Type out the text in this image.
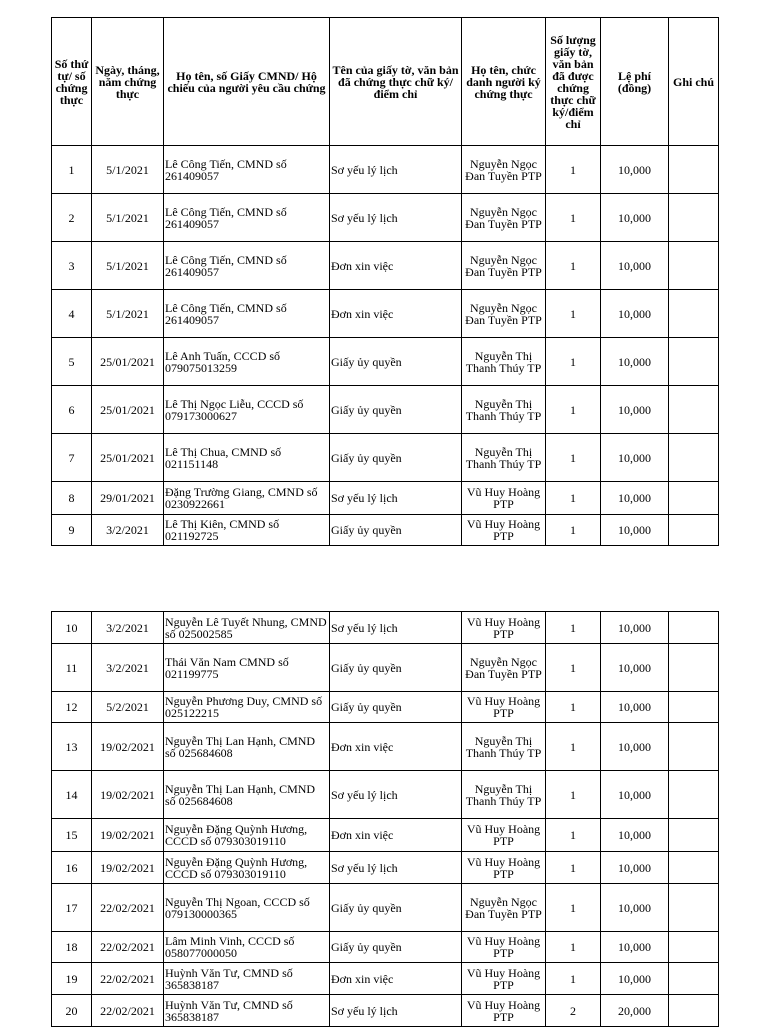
Số thứ tự/ số chứng thực	Ngày, tháng, năm chứng thực	Họ tên, số Giấy CMND/ Hộ chiếu của người yêu cầu chứng	Tên của giấy tờ, văn bản đã chứng thực chữ ký/điểm chỉ	Họ tên, chức danh người ký chứng thực	Số lượng giấy tờ, văn bản đã được chứng thực chữ ký/điểm chỉ	Lệ phí (đồng)	Ghi chú
1	5/1/2021	Lê Công Tiến, CMND số 261409057	Sơ yếu lý lịch	Nguyễn Ngọc Đan Tuyền PTP	1	10,000	
2	5/1/2021	Lê Công Tiến, CMND số 261409057	Sơ yếu lý lịch	Nguyễn Ngọc Đan Tuyền PTP	1	10,000	
3	5/1/2021	Lê Công Tiến, CMND số 261409057	Đơn xin việc	Nguyễn Ngọc Đan Tuyền PTP	1	10,000	
4	5/1/2021	Lê Công Tiến, CMND số 261409057	Đơn xin việc	Nguyễn Ngọc Đan Tuyền PTP	1	10,000	
5	25/01/2021	Lê Anh Tuấn, CCCD số 079075013259	Giấy ủy quyền	Nguyễn Thị Thanh Thúy TP	1	10,000	
6	25/01/2021	Lê Thị Ngọc Liễu, CCCD số 079173000627	Giấy ủy quyền	Nguyễn Thị Thanh Thúy TP	1	10,000	
7	25/01/2021	Lê Thị Chua, CMND số 021151148	Giấy ủy quyền	Nguyễn Thị Thanh Thúy TP	1	10,000	
8	29/01/2021	Đặng Trường Giang, CMND số 0230922661	Sơ yếu lý lịch	Vũ Huy Hoàng PTP	1	10,000	
9	3/2/2021	Lê Thị Kiên, CMND số 021192725	Giấy ủy quyền	Vũ Huy Hoàng PTP	1	10,000	
10	3/2/2021	Nguyễn Lê Tuyết Nhung, CMND số 025002585	Sơ yếu lý lịch	Vũ Huy Hoàng PTP	1	10,000	
11	3/2/2021	Thái Văn Nam CMND số 021199775	Giấy ủy quyền	Nguyễn Ngọc Đan Tuyền PTP	1	10,000	
12	5/2/2021	Nguyễn Phương Duy, CMND số 025122215	Giấy ủy quyền	Vũ Huy Hoàng PTP	1	10,000	
13	19/02/2021	Nguyễn Thị Lan Hạnh, CMND số 025684608	Đơn xin việc	Nguyễn Thị Thanh Thúy TP	1	10,000	
14	19/02/2021	Nguyễn Thị Lan Hạnh, CMND số 025684608	Sơ yếu lý lịch	Nguyễn Thị Thanh Thúy TP	1	10,000	
15	19/02/2021	Nguyễn Đặng Quỳnh Hương, CCCD số 079303019110	Đơn xin việc	Vũ Huy Hoàng PTP	1	10,000	
16	19/02/2021	Nguyễn Đặng Quỳnh Hương, CCCD số 079303019110	Sơ yếu lý lịch	Vũ Huy Hoàng PTP	1	10,000	
17	22/02/2021	Nguyễn Thị Ngoan, CCCD số 079130000365	Giấy ủy quyền	Nguyễn Ngọc Đan Tuyền PTP	1	10,000	
18	22/02/2021	Lâm Minh Vinh, CCCD số 058077000050	Giấy ủy quyền	Vũ Huy Hoàng PTP	1	10,000	
19	22/02/2021	Huỳnh Văn Tư, CMND số 365838187	Đơn xin việc	Vũ Huy Hoàng PTP	1	10,000	
20	22/02/2021	Huỳnh Văn Tư, CMND số 365838187	Sơ yếu lý lịch	Vũ Huy Hoàng PTP	2	20,000	
